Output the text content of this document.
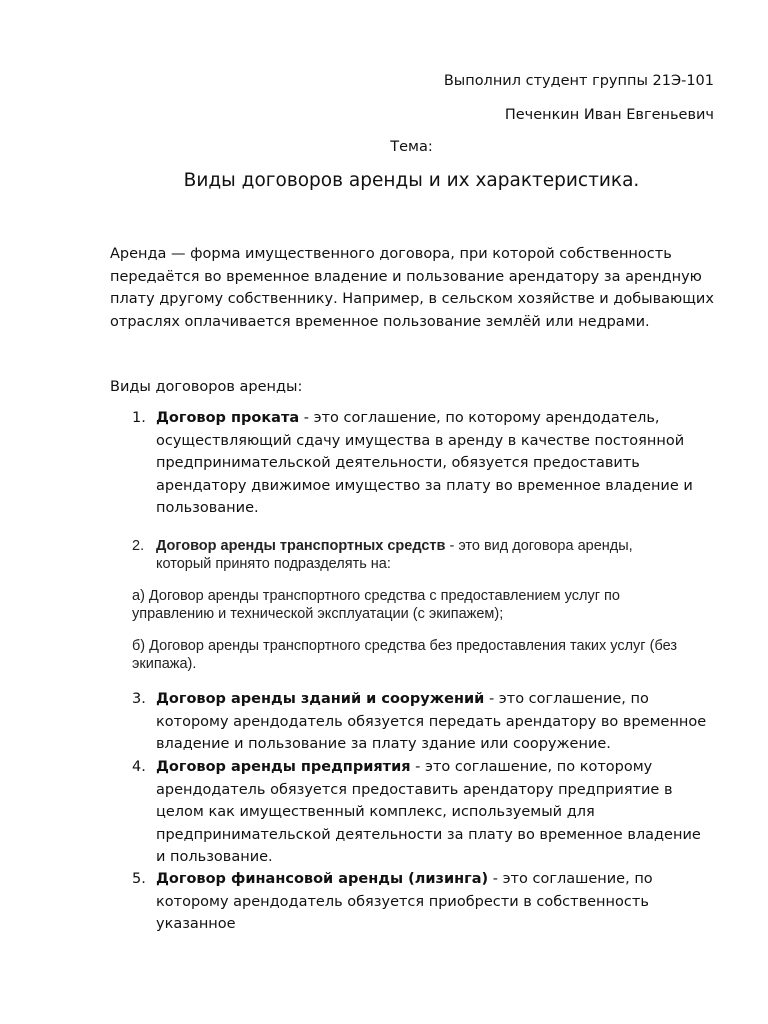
Выполнил студент группы 21Э-101
Печенкин Иван Евгеньевич
Тема:
Виды договоров аренды и их характеристика.
Аренда — форма имущественного договора, при которой собственность передаётся во временное владение и пользование арендатору за арендную плату другому собственнику. Например, в сельском хозяйстве и добывающих отраслях оплачивается временное пользование землёй или недрами.
Виды договоров аренды:
1. Договор проката - это соглашение, по которому арендодатель, осуществляющий сдачу имущества в аренду в качестве постоянной предпринимательской деятельности, обязуется предоставить арендатору движимое имущество за плату во временное владение и пользование.
2. Договор аренды транспортных средств - это вид договора аренды, который принято подразделять на:
а) Договор аренды транспортного средства с предоставлением услуг по управлению и технической эксплуатации (с экипажем);
б) Договор аренды транспортного средства без предоставления таких услуг (без экипажа).
3. Договор аренды зданий и сооружений - это соглашение, по которому арендодатель обязуется передать арендатору во временное владение и пользование за плату здание или сооружение.
4. Договор аренды предприятия - это соглашение, по которому арендодатель обязуется предоставить арендатору предприятие в целом как имущественный комплекс, используемый для предпринимательской деятельности за плату во временное владение и пользование.
5. Договор финансовой аренды (лизинга) - это соглашение, по которому арендодатель обязуется приобрести в собственность указанное
